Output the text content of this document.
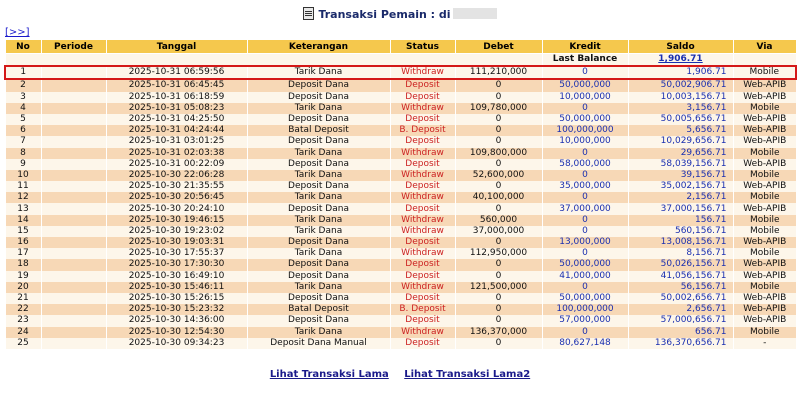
Transaksi Pemain : di
[>>]
No	Periode	Tanggal	Keterangan	Status	Debet	Kredit	Saldo	Via
						Last Balance	1,906.71	
1		2025-10-31 06:59:56	Tarik Dana	Withdraw	111,210,000	0	1,906.71	Mobile
2		2025-10-31 06:45:45	Deposit Dana	Deposit	0	50,000,000	50,002,906.71	Web-APIB
3		2025-10-31 06:18:59	Deposit Dana	Deposit	0	10,000,000	10,003,156.71	Web-APIB
4		2025-10-31 05:08:23	Tarik Dana	Withdraw	109,780,000	0	3,156.71	Mobile
5		2025-10-31 04:25:50	Deposit Dana	Deposit	0	50,000,000	50,005,656.71	Web-APIB
6		2025-10-31 04:24:44	Batal Deposit	B. Deposit	0	100,000,000	5,656.71	Web-APIB
7		2025-10-31 03:01:25	Deposit Dana	Deposit	0	10,000,000	10,029,656.71	Web-APIB
8		2025-10-31 02:03:38	Tarik Dana	Withdraw	109,800,000	0	29,656.71	Mobile
9		2025-10-31 00:22:09	Deposit Dana	Deposit	0	58,000,000	58,039,156.71	Web-APIB
10		2025-10-30 22:06:28	Tarik Dana	Withdraw	52,600,000	0	39,156.71	Mobile
11		2025-10-30 21:35:55	Deposit Dana	Deposit	0	35,000,000	35,002,156.71	Web-APIB
12		2025-10-30 20:56:45	Tarik Dana	Withdraw	40,100,000	0	2,156.71	Mobile
13		2025-10-30 20:24:10	Deposit Dana	Deposit	0	37,000,000	37,000,156.71	Web-APIB
14		2025-10-30 19:46:15	Tarik Dana	Withdraw	560,000	0	156.71	Mobile
15		2025-10-30 19:23:02	Tarik Dana	Withdraw	37,000,000	0	560,156.71	Mobile
16		2025-10-30 19:03:31	Deposit Dana	Deposit	0	13,000,000	13,008,156.71	Web-APIB
17		2025-10-30 17:55:37	Tarik Dana	Withdraw	112,950,000	0	8,156.71	Mobile
18		2025-10-30 17:30:30	Deposit Dana	Deposit	0	50,000,000	50,026,156.71	Web-APIB
19		2025-10-30 16:49:10	Deposit Dana	Deposit	0	41,000,000	41,056,156.71	Web-APIB
20		2025-10-30 15:46:11	Tarik Dana	Withdraw	121,500,000	0	56,156.71	Mobile
21		2025-10-30 15:26:15	Deposit Dana	Deposit	0	50,000,000	50,002,656.71	Web-APIB
22		2025-10-30 15:23:32	Batal Deposit	B. Deposit	0	100,000,000	2,656.71	Web-APIB
23		2025-10-30 14:36:00	Deposit Dana	Deposit	0	57,000,000	57,000,656.71	Web-APIB
24		2025-10-30 12:54:30	Tarik Dana	Withdraw	136,370,000	0	656.71	Mobile
25		2025-10-30 09:34:23	Deposit Dana Manual	Deposit	0	80,627,148	136,370,656.71	-
Lihat Transaksi Lama Lihat Transaksi Lama2
